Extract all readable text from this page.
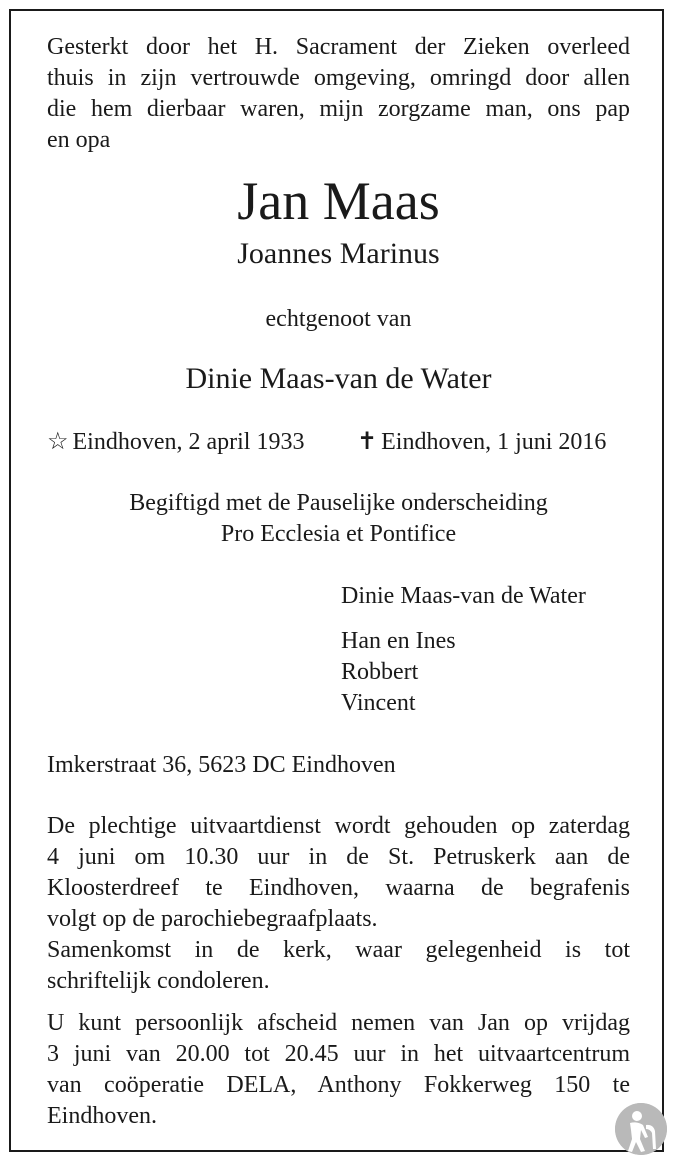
Gesterkt door het H. Sacrament der Zieken overleed
thuis in zijn vertrouwde omgeving, omringd door allen
die hem dierbaar waren, mijn zorgzame man, ons pap
en opa

Jan Maas

Joannes Marinus

echtgenoot van

Dinie Maas-van de Water

☆ Eindhoven, 2 april 1933 ✝ Eindhoven, 1 juni 2016

Begiftigd met de Pauselijke onderscheiding

Pro Ecclesia et Pontifice

Dinie Maas-van de Water

Han en Ines

Robbert

Vincent

Imkerstraat 36, 5623 DC Eindhoven

De plechtige uitvaartdienst wordt gehouden op zaterdag
4 juni om 10.30 uur in de St. Petruskerk aan de
Kloosterdreef te Eindhoven, waarna de begrafenis
volgt op de parochiebegraafplaats.
Samenkomst in de kerk, waar gelegenheid is tot
schriftelijk condoleren.
U kunt persoonlijk afscheid nemen van Jan op vrijdag
3 juni van 20.00 tot 20.45 uur in het uitvaartcentrum
van coöperatie DELA, Anthony Fokkerweg 150 te
Eindhoven.
